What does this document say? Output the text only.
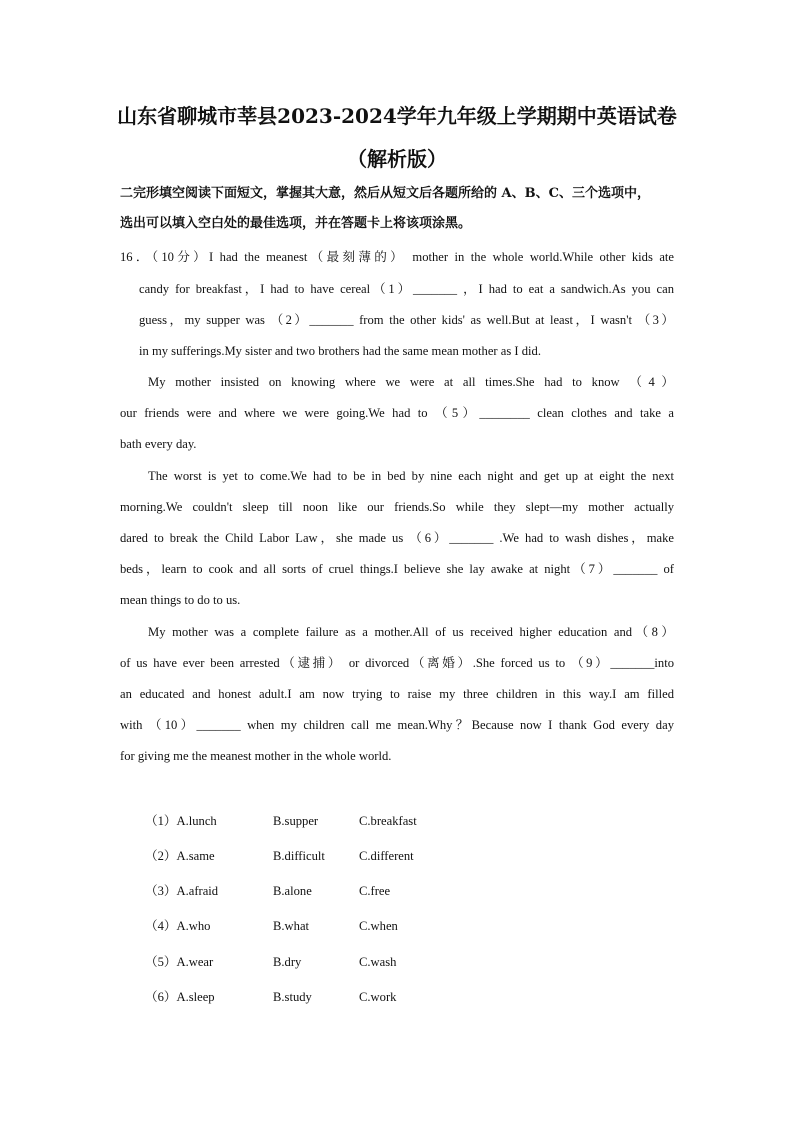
山东省聊城市莘县2023-2024学年九年级上学期期中英语试卷
（解析版）
二完形填空阅读下面短文，掌握其大意，然后从短文后各题所给的 A、B、C、三个选项中，
选出可以填入空白处的最佳选项，并在答题卡上将该项涂黑。
16．（10分）I had the meanest（最刻薄的） mother in the whole world.While other kids ate
candy for breakfast，I had to have cereal（1）_______ ，I had to eat a sandwich.As you can
guess，my supper was （2）_______ from the other kids' as well.But at least，I wasn't （3）
in my sufferings.My sister and two brothers had the same mean mother as I did.
My mother insisted on knowing where we were at all times.She had to know （4）
our friends were and where we were going.We had to （5）________ clean clothes and take a
bath every day.
The worst is yet to come.We had to be in bed by nine each night and get up at eight the next
morning.We couldn't sleep till noon like our friends.So while they slept—my mother actually
dared to break the Child Labor Law，she made us （6）_______ .We had to wash dishes，make
beds，learn to cook and all sorts of cruel things.I believe she lay awake at night（7）_______ of
mean things to do to us.
My mother was a complete failure as a mother.All of us received higher education and（8）
of us have ever been arrested（逮捕） or divorced（离婚）.She forced us to （9）_______into
an educated and honest adult.I am now trying to raise my three children in this way.I am filled
with （10）_______ when my children call me mean.Why？Because now I thank God every day
for giving me the meanest mother in the whole world.
（1）A.lunch	B.supper	C.breakfast
（2）A.same	B.difficult	C.different
（3）A.afraid	B.alone	C.free
（4）A.who	B.what	C.when
（5）A.wear	B.dry	C.wash
（6）A.sleep	B.study	C.work
